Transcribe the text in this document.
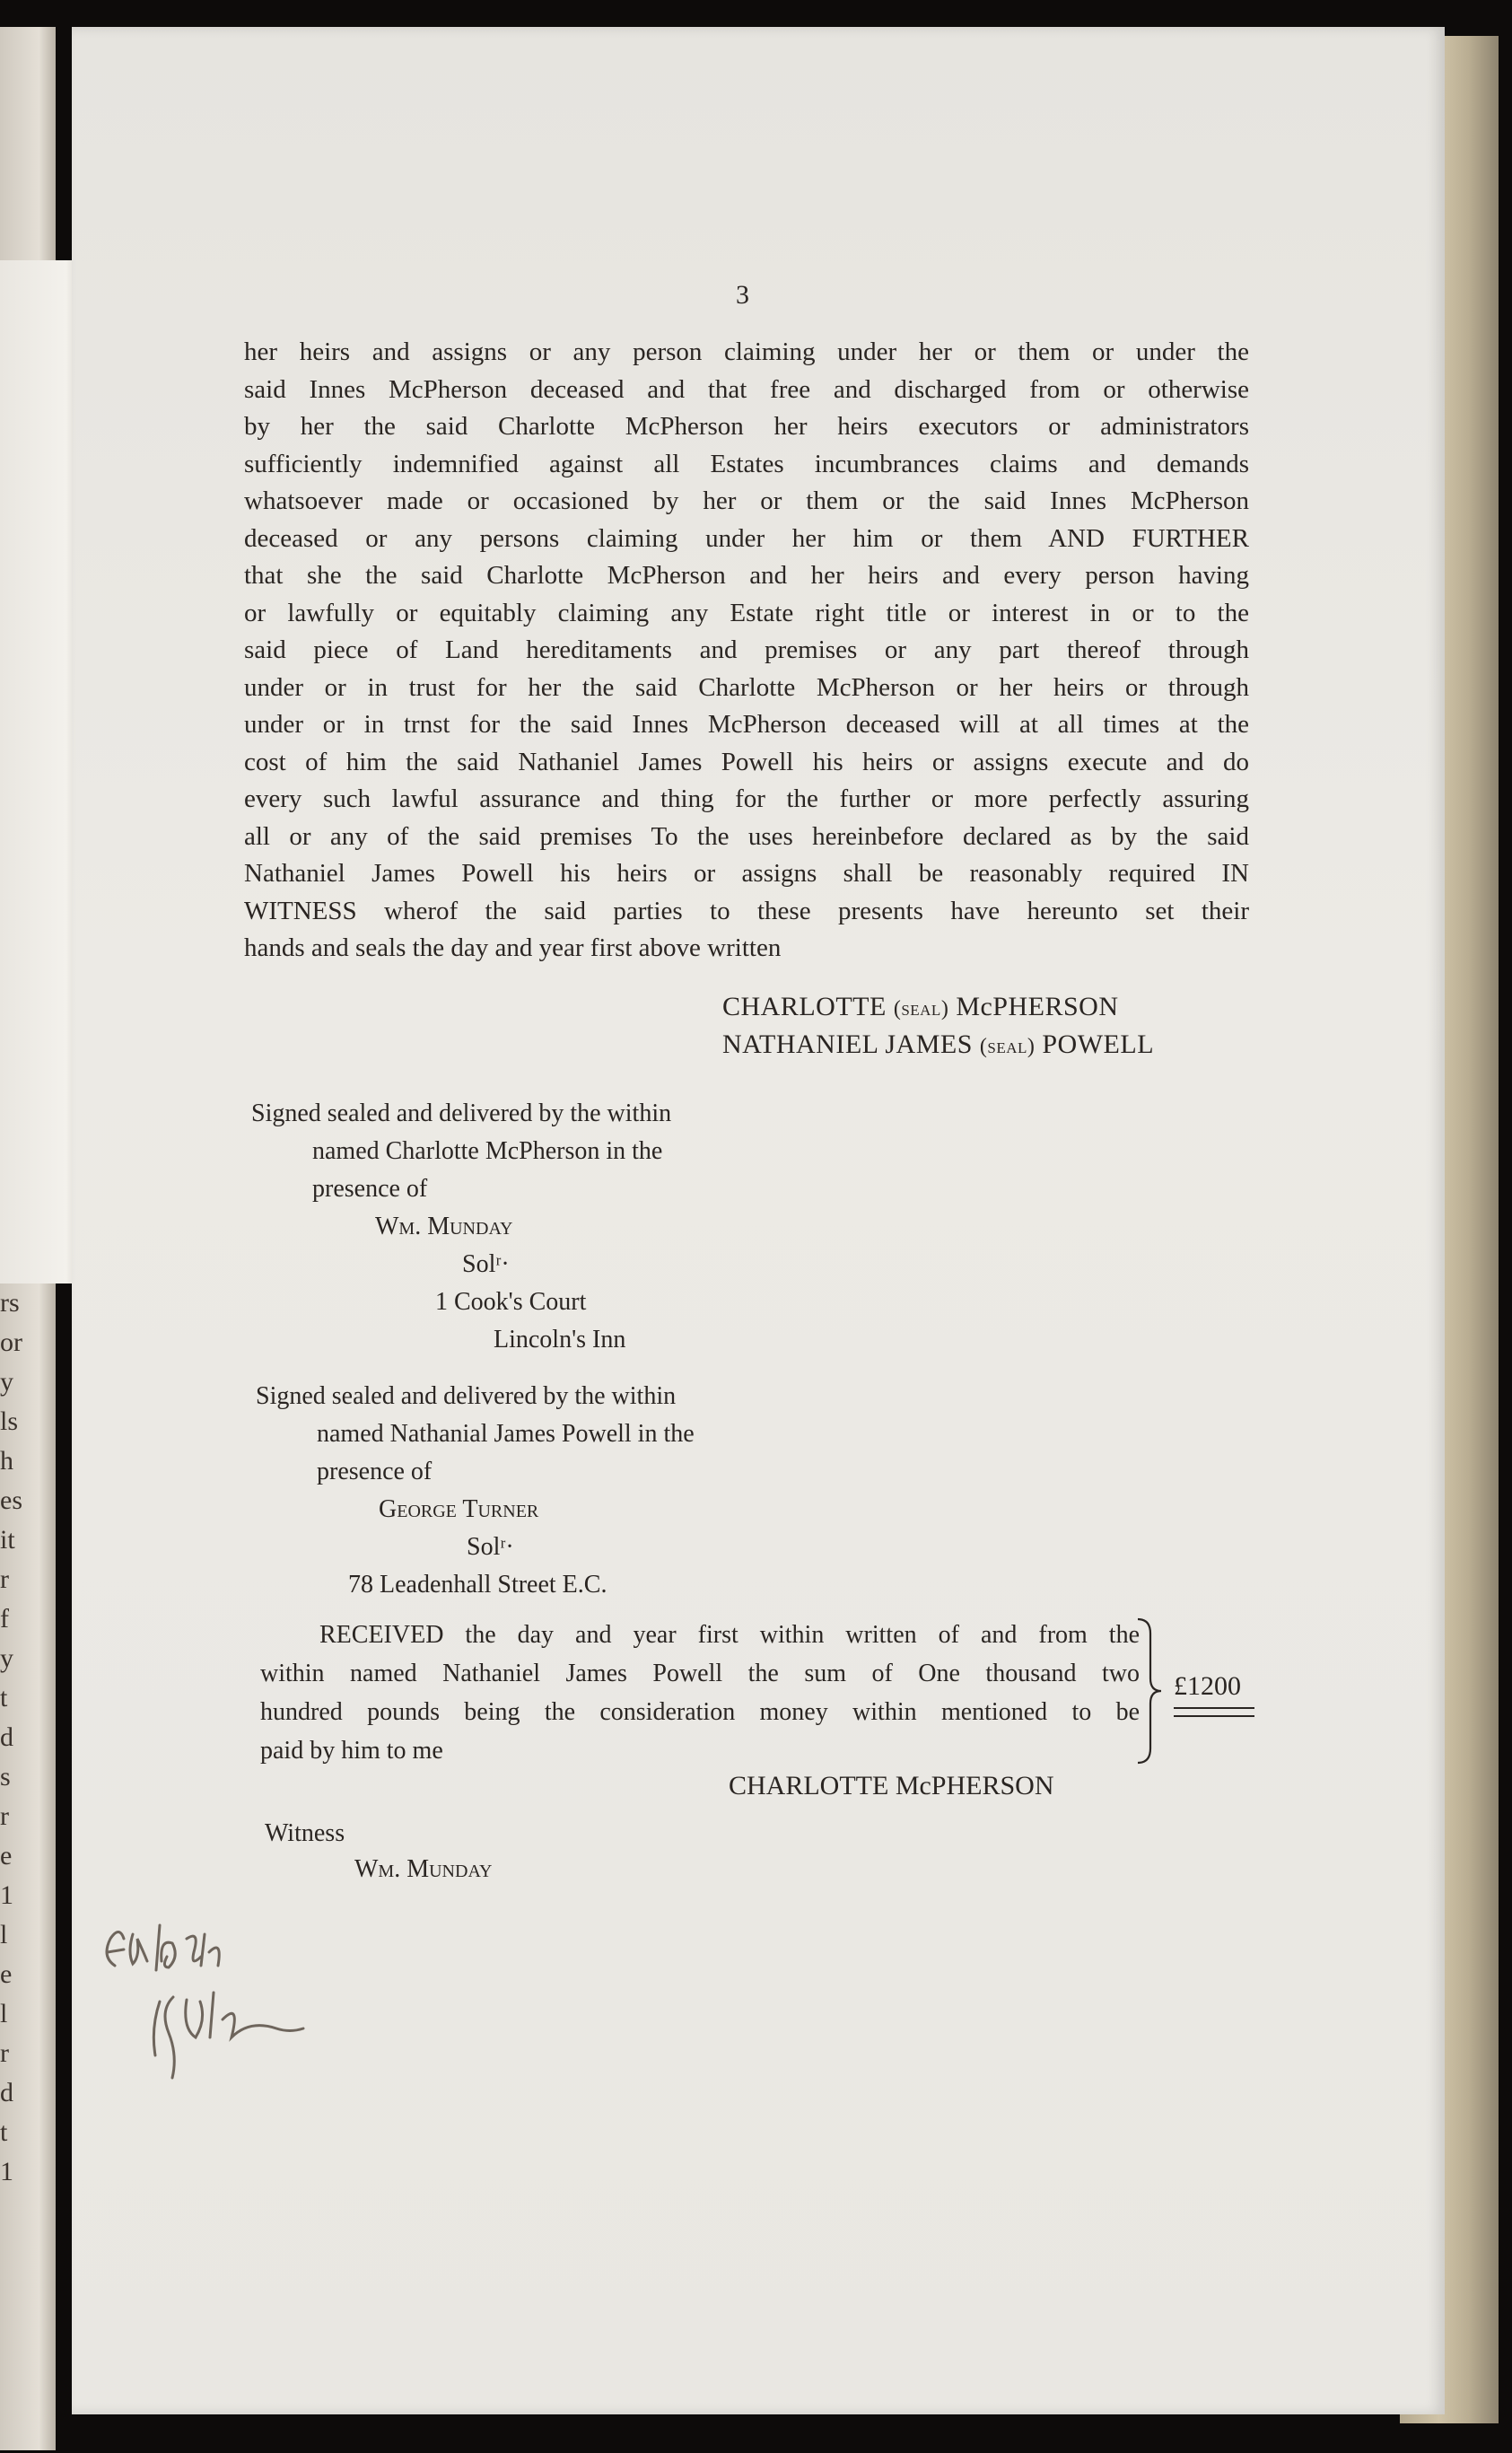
rs
or
y
ls
h
es
it
r
f
y
t
d
s
r
e
1
l
e
l
r
d
t
1
3
her heirs and assigns or any person claiming under her or them or under the
said Innes McPherson deceased and that free and discharged from or otherwise
by her the said Charlotte McPherson her heirs executors or administrators
sufficiently indemnified against all Estates incumbrances claims and demands
whatsoever made or occasioned by her or them or the said Innes McPherson
deceased or any persons claiming under her him or them AND FURTHER
that she the said Charlotte McPherson and her heirs and every person having
or lawfully or equitably claiming any Estate right title or interest in or to the
said piece of Land hereditaments and premises or any part thereof through
under or in trust for her the said Charlotte McPherson or her heirs or through
under or in trnst for the said Innes McPherson deceased will at all times at the
cost of him the said Nathaniel James Powell his heirs or assigns execute and do
every such lawful assurance and thing for the further or more perfectly assuring
all or any of the said premises To the uses hereinbefore declared as by the said
Nathaniel James Powell his heirs or assigns shall be reasonably required IN
WITNESS wherof the said parties to these presents have hereunto set their
hands and seals the day and year first above written
CHARLOTTE (seal) McPHERSON
NATHANIEL JAMES (seal) POWELL
Signed sealed and delivered by the within
named Charlotte McPherson in the
presence of
Wm. Munday
Solʳ·
1 Cook's Court
Lincoln's Inn
Signed sealed and delivered by the within
named Nathanial James Powell in the
presence of
George Turner
Solʳ·
78 Leadenhall Street E.C.
RECEIVED the day and year first within written of and from the
within named Nathaniel James Powell the sum of One thousand two
hundred pounds being the consideration money within mentioned to be
paid by him to me
£1200
CHARLOTTE McPHERSON
Witness
Wm. Munday
